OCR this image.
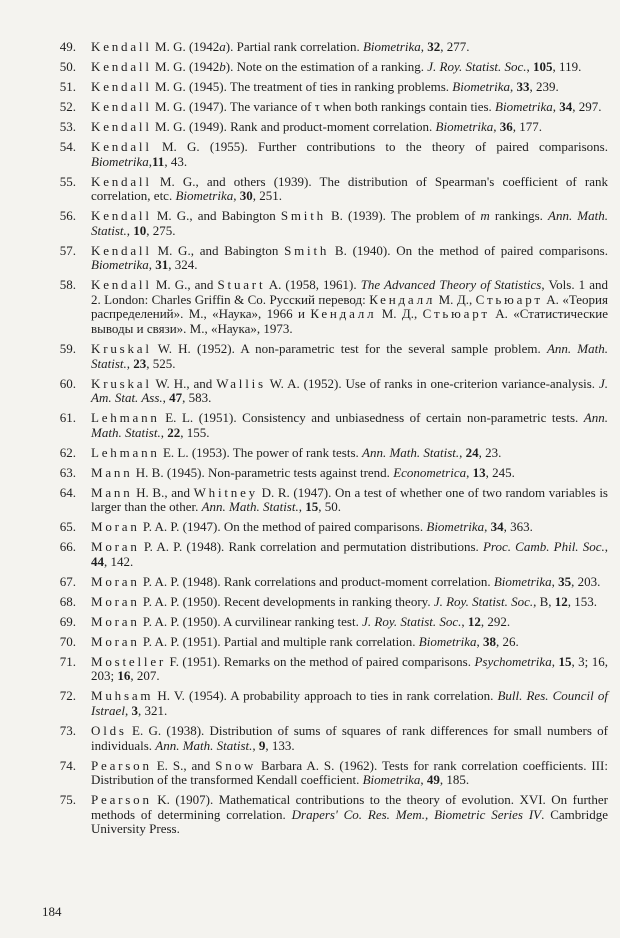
49. Kendall M. G. (1942a). Partial rank correlation. Biometrika, 32, 277.
50. Kendall M. G. (1942b). Note on the estimation of a ranking. J. Roy. Statist. Soc., 105, 119.
51. Kendall M. G. (1945). The treatment of ties in ranking problems. Biometrika, 33, 239.
52. Kendall M. G. (1947). The variance of τ when both rankings contain ties. Biometrika, 34, 297.
53. Kendall M. G. (1949). Rank and product-moment correlation. Biometrika, 36, 177.
54. Kendall M. G. (1955). Further contributions to the theory of paired comparisons. Biometrika,11, 43.
55. Kendall M. G., and others (1939). The distribution of Spearman's coefficient of rank correlation, etc. Biometrika, 30, 251.
56. Kendall M. G., and Babington Smith B. (1939). The problem of m rankings. Ann. Math. Statist., 10, 275.
57. Kendall M. G., and Babington Smith B. (1940). On the method of paired comparisons. Biometrika, 31, 324.
58. Kendall M. G., and Stuart A. (1958, 1961). The Advanced Theory of Statistics, Vols. 1 and 2. London: Charles Griffin & Co. Русский перевод: Кендалл М. Д., Стьюарт А. «Теория распределений». М., «Наука», 1966 и Кендалл М. Д., Стьюарт А. «Статистические выводы и связи». М., «Наука», 1973.
59. Kruskal W. H. (1952). A non-parametric test for the several sample problem. Ann. Math. Statist., 23, 525.
60. Kruskal W. H., and Wallis W. A. (1952). Use of ranks in one-criterion variance-analysis. J. Am. Stat. Ass., 47, 583.
61. Lehmann E. L. (1951). Consistency and unbiasedness of certain non-parametric tests. Ann. Math. Statist., 22, 155.
62. Lehmann E. L. (1953). The power of rank tests. Ann. Math. Statist., 24, 23.
63. Mann H. B. (1945). Non-parametric tests against trend. Econometrica, 13, 245.
64. Mann H. B., and Whitney D. R. (1947). On a test of whether one of two random variables is larger than the other. Ann. Math. Statist., 15, 50.
65. Moran P. A. P. (1947). On the method of paired comparisons. Biometrika, 34, 363.
66. Moran P. A. P. (1948). Rank correlation and permutation distributions. Proc. Camb. Phil. Soc., 44, 142.
67. Moran P. A. P. (1948). Rank correlations and product-moment correlation. Biometrika, 35, 203.
68. Moran P. A. P. (1950). Recent developments in ranking theory. J. Roy. Statist. Soc., B, 12, 153.
69. Moran P. A. P. (1950). A curvilinear ranking test. J. Roy. Statist. Soc., 12, 292.
70. Moran P. A. P. (1951). Partial and multiple rank correlation. Biometrika, 38, 26.
71. Mosteller F. (1951). Remarks on the method of paired comparisons. Psychometrika, 15, 3; 16, 203; 16, 207.
72. Muhsam H. V. (1954). A probability approach to ties in rank correlation. Bull. Res. Council of Istrael, 3, 321.
73. Olds E. G. (1938). Distribution of sums of squares of rank differences for small numbers of individuals. Ann. Math. Statist., 9, 133.
74. Pearson E. S., and Snow Barbara A. S. (1962). Tests for rank correlation coefficients. III: Distribution of the transformed Kendall coefficient. Biometrika, 49, 185.
75. Pearson K. (1907). Mathematical contributions to the theory of evolution. XVI. On further methods of determining correlation. Drapers' Co. Res. Mem., Biometric Series IV. Cambridge University Press.
184
